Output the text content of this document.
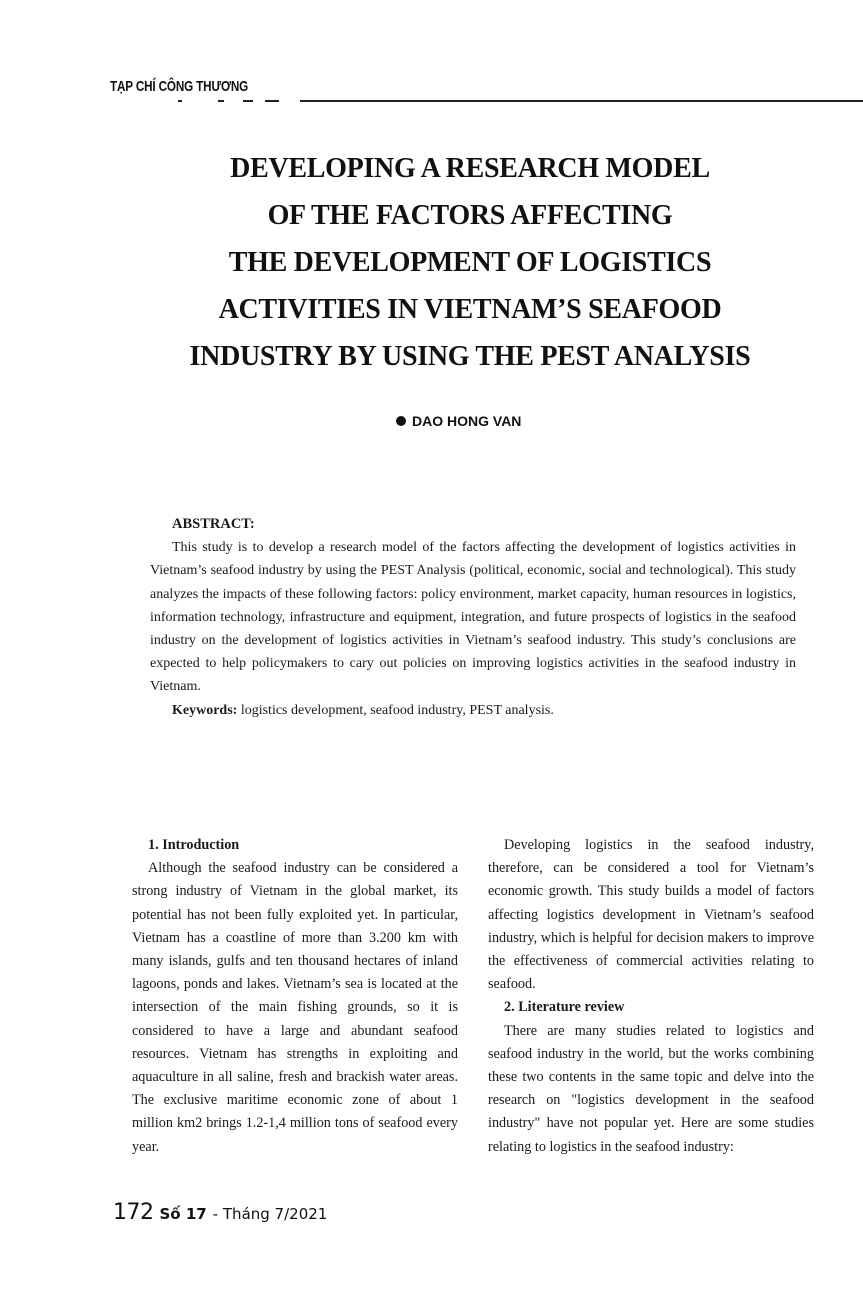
TẠP CHÍ CÔNG THƯƠNG
DEVELOPING A RESEARCH MODEL
OF THE FACTORS AFFECTING
THE DEVELOPMENT OF LOGISTICS
ACTIVITIES IN VIETNAM’S SEAFOOD
INDUSTRY BY USING THE PEST ANALYSIS
DAO HONG VAN
ABSTRACT:

This study is to develop a research model of the factors affecting the development of logistics activities in Vietnam’s seafood industry by using the PEST Analysis (political, economic, social and technological). This study analyzes the impacts of these following factors: policy environment, market capacity, human resources in logistics, information technology, infrastructure and equipment, integration, and future prospects of logistics in the seafood industry on the development of logistics activities in Vietnam’s seafood industry. This study’s conclusions are expected to help policymakers to cary out policies on improving logistics activities in the seafood industry in Vietnam.

Keywords: logistics development, seafood industry, PEST analysis.

1. Introduction

Although the seafood industry can be considered a strong industry of Vietnam in the global market, its potential has not been fully exploited yet. In particular, Vietnam has a coastline of more than 3.200 km with many islands, gulfs and ten thousand hectares of inland lagoons, ponds and lakes. Vietnam’s sea is located at the intersection of the main fishing grounds, so it is considered to have a large and abundant seafood resources. Vietnam has strengths in exploiting and aquaculture in all saline, fresh and brackish water areas. The exclusive maritime economic zone of about 1 million km2 brings 1.2-1,4 million tons of seafood every year.

Developing logistics in the seafood industry, therefore, can be considered a tool for Vietnam’s economic growth. This study builds a model of factors affecting logistics development in Vietnam’s seafood industry, which is helpful for decision makers to improve the effectiveness of commercial activities relating to seafood.

2. Literature review

There are many studies related to logistics and seafood industry in the world, but the works combining these two contents in the same topic and delve into the research on "logistics development in the seafood industry" have not popular yet. Here are some studies relating to logistics in the seafood industry:

172 Số 17 - Tháng 7/2021
